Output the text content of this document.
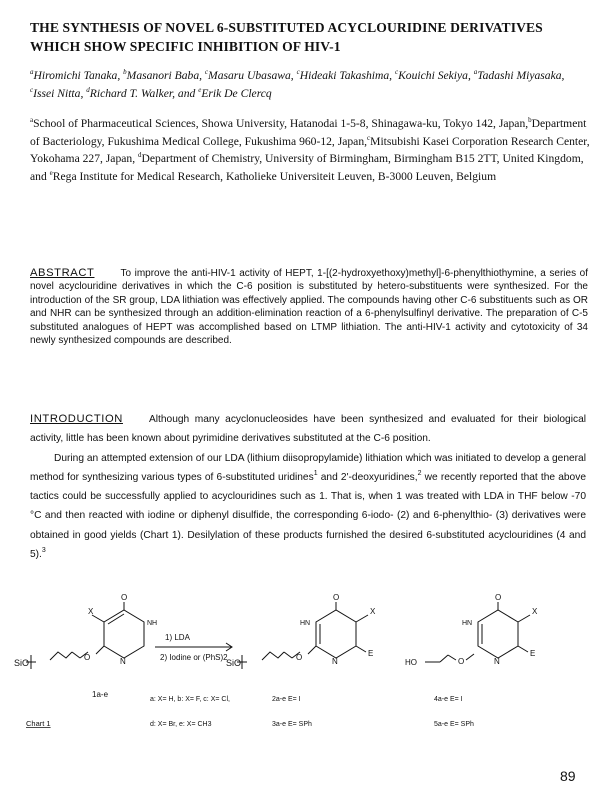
THE SYNTHESIS OF NOVEL 6-SUBSTITUTED ACYCLOURIDINE DERIVATIVES WHICH SHOW SPECIFIC INHIBITION OF HIV-1
$^a$Hiromichi Tanaka, $^b$Masanori Baba, $^c$Masaru Ubasawa, $^c$Hideaki Takashima, $^c$Kouichi Sekiya, $^a$Tadashi Miyasaka, $^c$Issei Nitta, $^d$Richard T. Walker, and $^e$Erik De Clercq
$^a$School of Pharmaceutical Sciences, Showa University, Hatanodai 1-5-8, Shinagawa-ku, Tokyo 142, Japan,$^b$Department of Bacteriology, Fukushima Medical College, Fukushima 960-12, Japan,$^c$Mitsubishi Kasei Corporation Research Center, Yokohama 227, Japan, $^d$Department of Chemistry, University of Birmingham, Birmingham B15 2TT, United Kingdom, and $^e$Rega Institute for Medical Research, Katholieke Universiteit Leuven, B-3000 Leuven, Belgium
ABSTRACT	To improve the anti-HIV-1 activity of HEPT, 1-[(2-hydroxyethoxy)methyl]-6-phenylthiothymine, a series of novel acyclouridine derivatives in which the C-6 position is substituted by hetero-substituents were synthesized. For the introduction of the SR group, LDA lithiation was effectively applied. The compounds having other C-6 substituents such as OR and NHR can be synthesized through an addition-elimination reaction of a 6-phenylsulfinyl derivative. The preparation of C-5 substituted analogues of HEPT was accomplished based on LTMP lithiation. The anti-HIV-1 activity and cytotoxicity of 34 newly synthesized compounds are described.
INTRODUCTION	Although many acyclonucleosides have been synthesized and evaluated for their biological activity, little has been known about pyrimidine derivatives substituted at the C-6 position.
During an attempted extension of our LDA (lithium diisopropylamide) lithiation which was initiated to develop a general method for synthesizing various types of 6-substituted uridines$^1$ and 2'-deoxyuridines,$^2$ we recently reported that the above tactics could be successfully applied to acyclouridines such as 1. That is, when 1 was treated with LDA in THF below -70 °C and then reacted with iodine or diphenyl disulfide, the corresponding 6-iodo- (2) and 6-phenylthio- (3) derivatives were obtained in good yields (Chart 1). Desilylation of these products furnished the desired 6-substituted acyclouridines (4 and 5).$^3$
SiO
X
O
NH
N
O
1) LDA
2) Iodine or (PhS)2
SiO
O
HN
X
E
N
O
HO
O
HN
X
E
N
O
1a-e
a: X= H, b: X= F, c: X= Cl,
d: X= Br, e: X= CH3
2a-e E= I
3a-e E= SPh
4a-e E= I
5a-e E= SPh
Chart 1
89
